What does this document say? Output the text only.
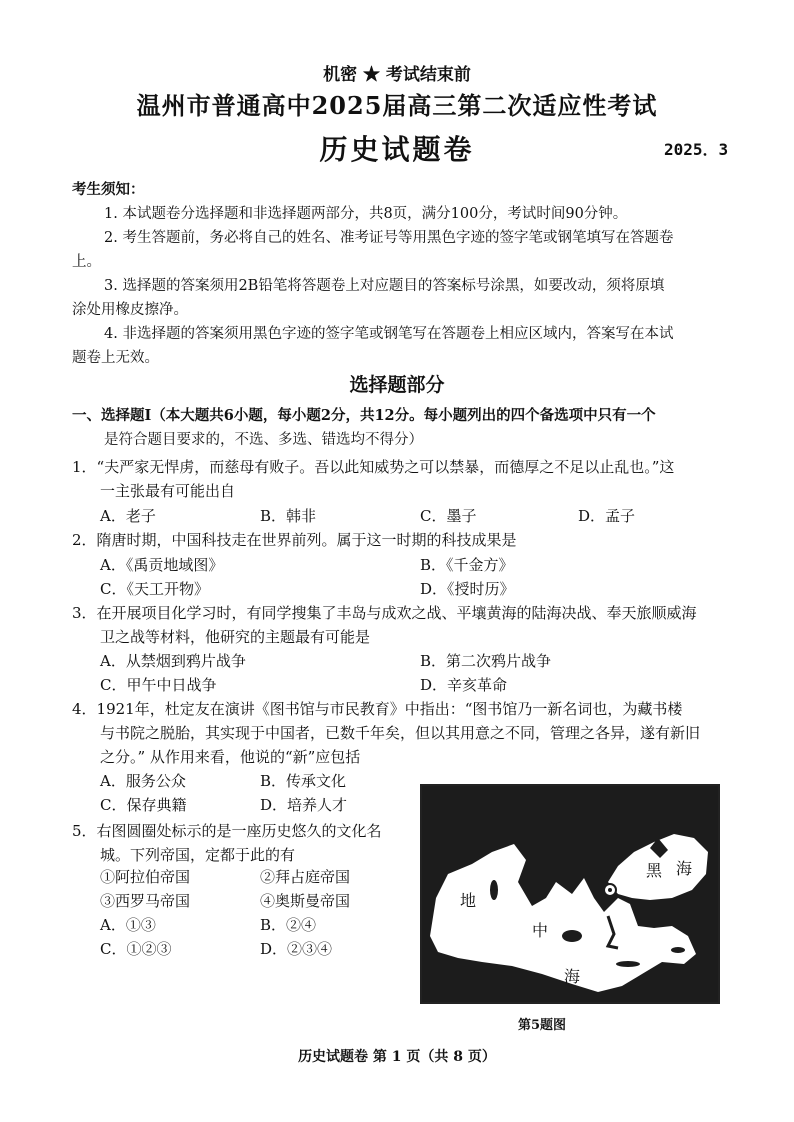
机密 ★ 考试结束前
温州市普通高中2025届高三第二次适应性考试
历史试题卷	2025．3
考生须知：
1. 本试题卷分选择题和非选择题两部分，共8页，满分100分，考试时间90分钟。
2. 考生答题前，务必将自己的姓名、准考证号等用黑色字迹的签字笔或钢笔填写在答题卷
上。
3. 选择题的答案须用2B铅笔将答题卷上对应题目的答案标号涂黑，如要改动，须将原填
涂处用橡皮擦净。
4. 非选择题的答案须用黑色字迹的签字笔或钢笔写在答题卷上相应区域内，答案写在本试
题卷上无效。
选择题部分
一、选择题Ⅰ（本大题共6小题，每小题2分，共12分。每小题列出的四个备选项中只有一个
是符合题目要求的，不选、多选、错选均不得分）
1．“夫严家无悍虏，而慈母有败子。吾以此知威势之可以禁暴，而德厚之不足以止乱也。”这
一主张最有可能出自
A．老子	B．韩非	C．墨子	D．孟子
2．隋唐时期，中国科技走在世界前列。属于这一时期的科技成果是
A．《禹贡地域图》	B．《千金方》
C．《天工开物》	D．《授时历》
3．在开展项目化学习时，有同学搜集了丰岛与成欢之战、平壤黄海的陆海决战、奉天旅顺威海
卫之战等材料，他研究的主题最有可能是
A．从禁烟到鸦片战争	B．第二次鸦片战争
C．甲午中日战争	D．辛亥革命
4．1921年，杜定友在演讲《图书馆与市民教育》中指出：“图书馆乃一新名词也，为藏书楼
与书院之脱胎，其实现于中国者，已数千年矣，但以其用意之不同，管理之各异，遂有新旧
之分。” 从作用来看，他说的“新”应包括
A．服务公众	B．传承文化
C．保存典籍	D．培养人才
5．右图圆圈处标示的是一座历史悠久的文化名
城。下列帝国，定都于此的有
①阿拉伯帝国	②拜占庭帝国
③西罗马帝国	④奥斯曼帝国
A．①③	B．②④
C．①②③	D．②③④
地
中
海
黑 海
第5题图
历史试题卷 第 1 页（共 8 页）
